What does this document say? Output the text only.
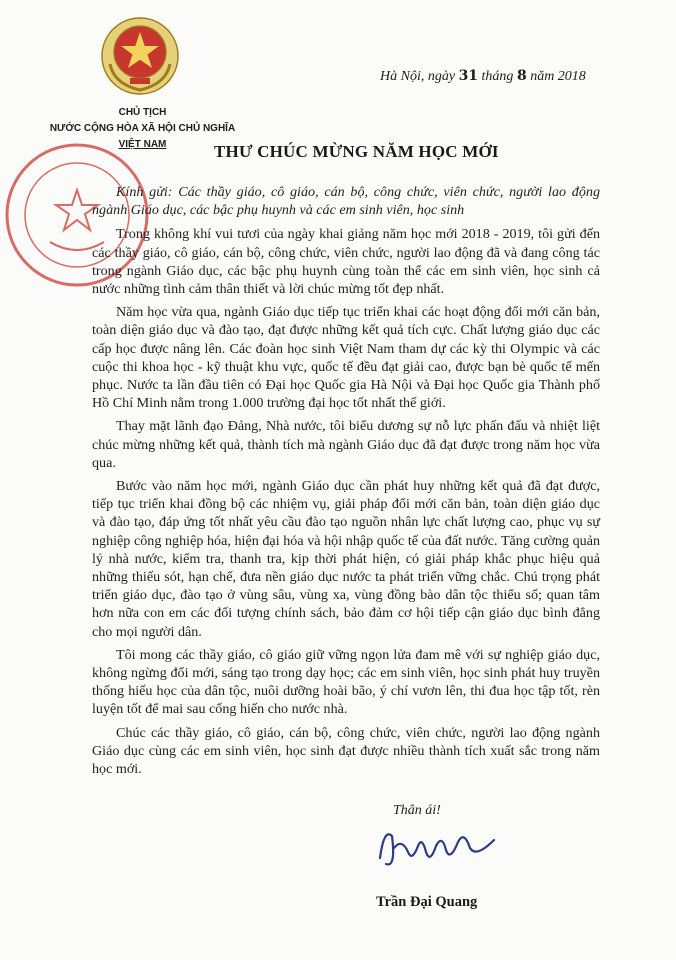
CHỦ TỊCH
NƯỚC CỘNG HÒA XÃ HỘI CHỦ NGHĨA
VIỆT NAM
Hà Nội, ngày 31 tháng 8 năm 2018
THƯ CHÚC MỪNG NĂM HỌC MỚI

Kính gửi: Các thầy giáo, cô giáo, cán bộ, công chức, viên chức, người lao động ngành Giáo dục, các bậc phụ huynh và các em sinh viên, học sinh

Trong không khí vui tươi của ngày khai giảng năm học mới 2018 - 2019, tôi gửi đến các thầy giáo, cô giáo, cán bộ, công chức, viên chức, người lao động đã và đang công tác trong ngành Giáo dục, các bậc phụ huynh cùng toàn thể các em sinh viên, học sinh cả nước những tình cảm thân thiết và lời chúc mừng tốt đẹp nhất.

Năm học vừa qua, ngành Giáo dục tiếp tục triển khai các hoạt động đổi mới căn bản, toàn diện giáo dục và đào tạo, đạt được những kết quả tích cực. Chất lượng giáo dục các cấp học được nâng lên. Các đoàn học sinh Việt Nam tham dự các kỳ thi Olympic và các cuộc thi khoa học - kỹ thuật khu vực, quốc tế đều đạt giải cao, được bạn bè quốc tế mến phục. Nước ta lần đầu tiên có Đại học Quốc gia Hà Nội và Đại học Quốc gia Thành phố Hồ Chí Minh nằm trong 1.000 trường đại học tốt nhất thế giới.

Thay mặt lãnh đạo Đảng, Nhà nước, tôi biểu dương sự nỗ lực phấn đấu và nhiệt liệt chúc mừng những kết quả, thành tích mà ngành Giáo dục đã đạt được trong năm học vừa qua.

Bước vào năm học mới, ngành Giáo dục cần phát huy những kết quả đã đạt được, tiếp tục triển khai đồng bộ các nhiệm vụ, giải pháp đổi mới căn bản, toàn diện giáo dục và đào tạo, đáp ứng tốt nhất yêu cầu đào tạo nguồn nhân lực chất lượng cao, phục vụ sự nghiệp công nghiệp hóa, hiện đại hóa và hội nhập quốc tế của đất nước. Tăng cường quản lý nhà nước, kiểm tra, thanh tra, kịp thời phát hiện, có giải pháp khắc phục hiệu quả những thiếu sót, hạn chế, đưa nền giáo dục nước ta phát triển vững chắc. Chú trọng phát triển giáo dục, đào tạo ở vùng sâu, vùng xa, vùng đồng bào dân tộc thiểu số; quan tâm hơn nữa con em các đối tượng chính sách, bảo đảm cơ hội tiếp cận giáo dục bình đẳng cho mọi người dân.

Tôi mong các thầy giáo, cô giáo giữ vững ngọn lửa đam mê với sự nghiệp giáo dục, không ngừng đổi mới, sáng tạo trong dạy học; các em sinh viên, học sinh phát huy truyền thống hiếu học của dân tộc, nuôi dưỡng hoài bão, ý chí vươn lên, thi đua học tập tốt, rèn luyện tốt để mai sau cống hiến cho nước nhà.

Chúc các thầy giáo, cô giáo, cán bộ, công chức, viên chức, người lao động ngành Giáo dục cùng các em sinh viên, học sinh đạt được nhiều thành tích xuất sắc trong năm học mới.

Thân ái!
Trần Đại Quang
